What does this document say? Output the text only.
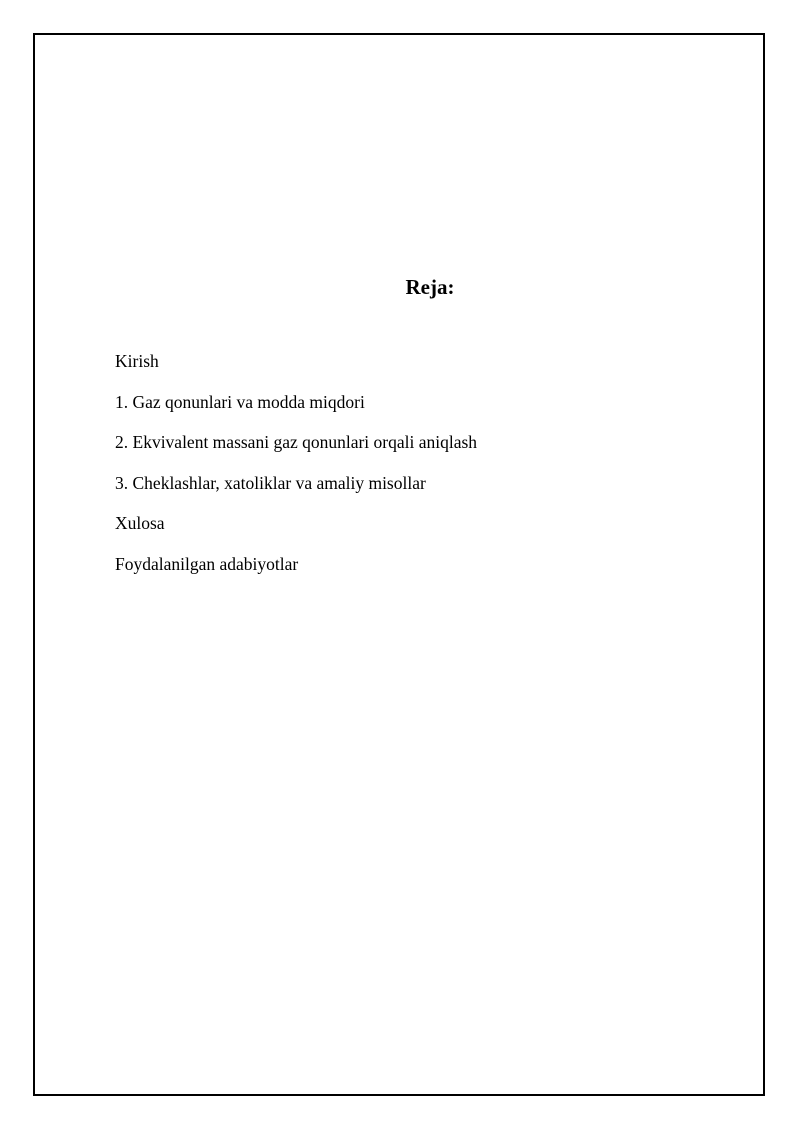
Reja:
Kirish
1. Gaz qonunlari va modda miqdori
2. Ekvivalent massani gaz qonunlari orqali aniqlash
3. Cheklashlar, xatoliklar va amaliy misollar
Xulosa
Foydalanilgan adabiyotlar
